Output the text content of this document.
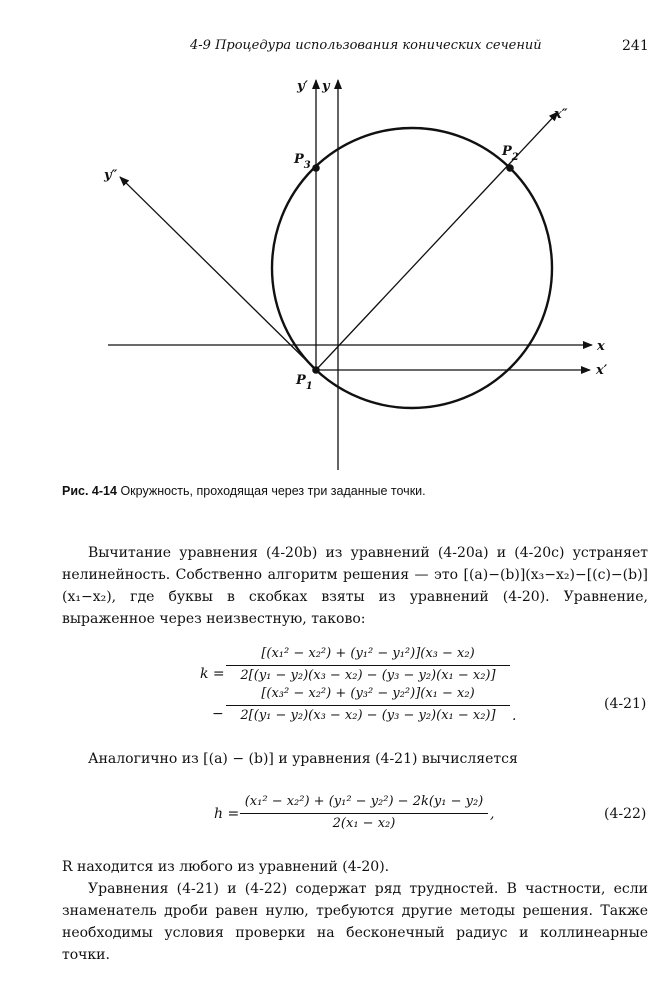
4-9 Процедура использования конических сечений	241
y′ y
y″
x″
x
x′
$P_1$
$P_2$
$P_3$
Рис. 4-14 Окружность, проходящая через три заданные точки.
Вычитание уравнения (4-20b) из уравнений (4-20a) и (4-20c) устраняет нелинейность. Собственно алгоритм решения — это [(a)−(b)](x₃−x₂)−[(c)−(b)](x₁−x₂), где буквы в скобках взяты из уравнений (4-20). Уравнение, выраженное через неизвестную, таково:
k =
[(x₁² − x₂²) + (y₁² − y₁²)](x₃ − x₂)
2[(y₁ − y₂)(x₃ − x₂) − (y₃ − y₂)(x₁ − x₂)]
−
[(x₃² − x₂²) + (y₃² − y₂²)](x₁ − x₂)
2[(y₁ − y₂)(x₃ − x₂) − (y₃ − y₂)(x₁ − x₂)]	.
(4-21)
Аналогично из [(a) − (b)] и уравнения (4-21) вычисляется
h =
(x₁² − x₂²) + (y₁² − y₂²) − 2k(y₁ − y₂)
2(x₁ − x₂)
,	(4-22)
R находится из любого из уравнений (4-20).
Уравнения (4-21) и (4-22) содержат ряд трудностей. В частности, если знаменатель дроби равен нулю, требуются другие методы решения. Также необходимы условия проверки на бесконечный радиус и коллинеарные точки.
